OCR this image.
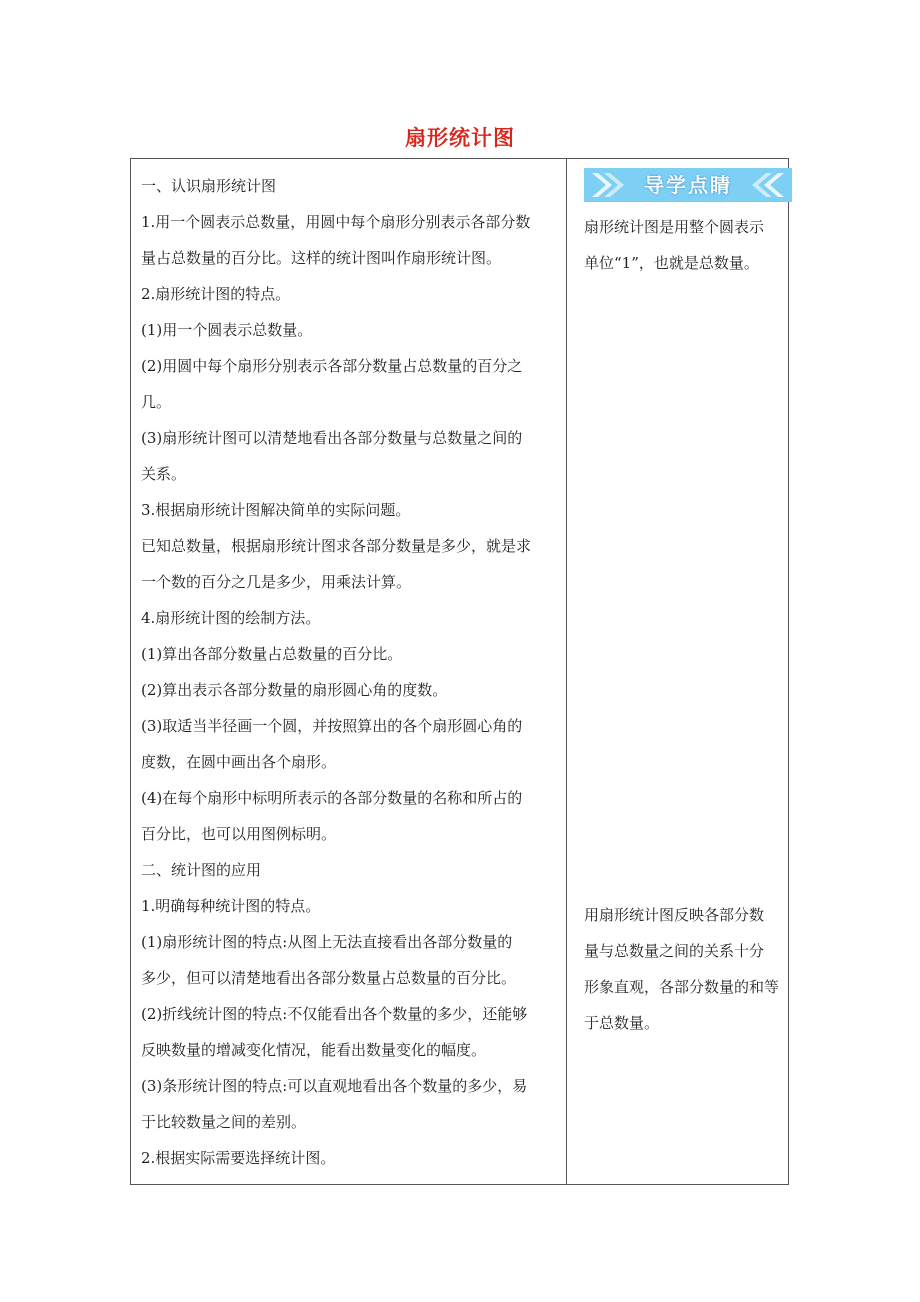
扇形统计图
一、认识扇形统计图
1.用一个圆表示总数量，用圆中每个扇形分别表示各部分数
量占总数量的百分比。这样的统计图叫作扇形统计图。
2.扇形统计图的特点。
(1)用一个圆表示总数量。
(2)用圆中每个扇形分别表示各部分数量占总数量的百分之
几。
(3)扇形统计图可以清楚地看出各部分数量与总数量之间的
关系。
3.根据扇形统计图解决简单的实际问题。
已知总数量，根据扇形统计图求各部分数量是多少，就是求
一个数的百分之几是多少，用乘法计算。
4.扇形统计图的绘制方法。
(1)算出各部分数量占总数量的百分比。
(2)算出表示各部分数量的扇形圆心角的度数。
(3)取适当半径画一个圆，并按照算出的各个扇形圆心角的
度数，在圆中画出各个扇形。
(4)在每个扇形中标明所表示的各部分数量的名称和所占的
百分比，也可以用图例标明。
二、统计图的应用
1.明确每种统计图的特点。
(1)扇形统计图的特点:从图上无法直接看出各部分数量的
多少，但可以清楚地看出各部分数量占总数量的百分比。
(2)折线统计图的特点:不仅能看出各个数量的多少，还能够
反映数量的增减变化情况，能看出数量变化的幅度。
(3)条形统计图的特点:可以直观地看出各个数量的多少，易
于比较数量之间的差别。
2.根据实际需要选择统计图。
导学点睛
扇形统计图是用整个圆表示
单位“1”，也就是总数量。
用扇形统计图反映各部分数
量与总数量之间的关系十分
形象直观，各部分数量的和等
于总数量。
